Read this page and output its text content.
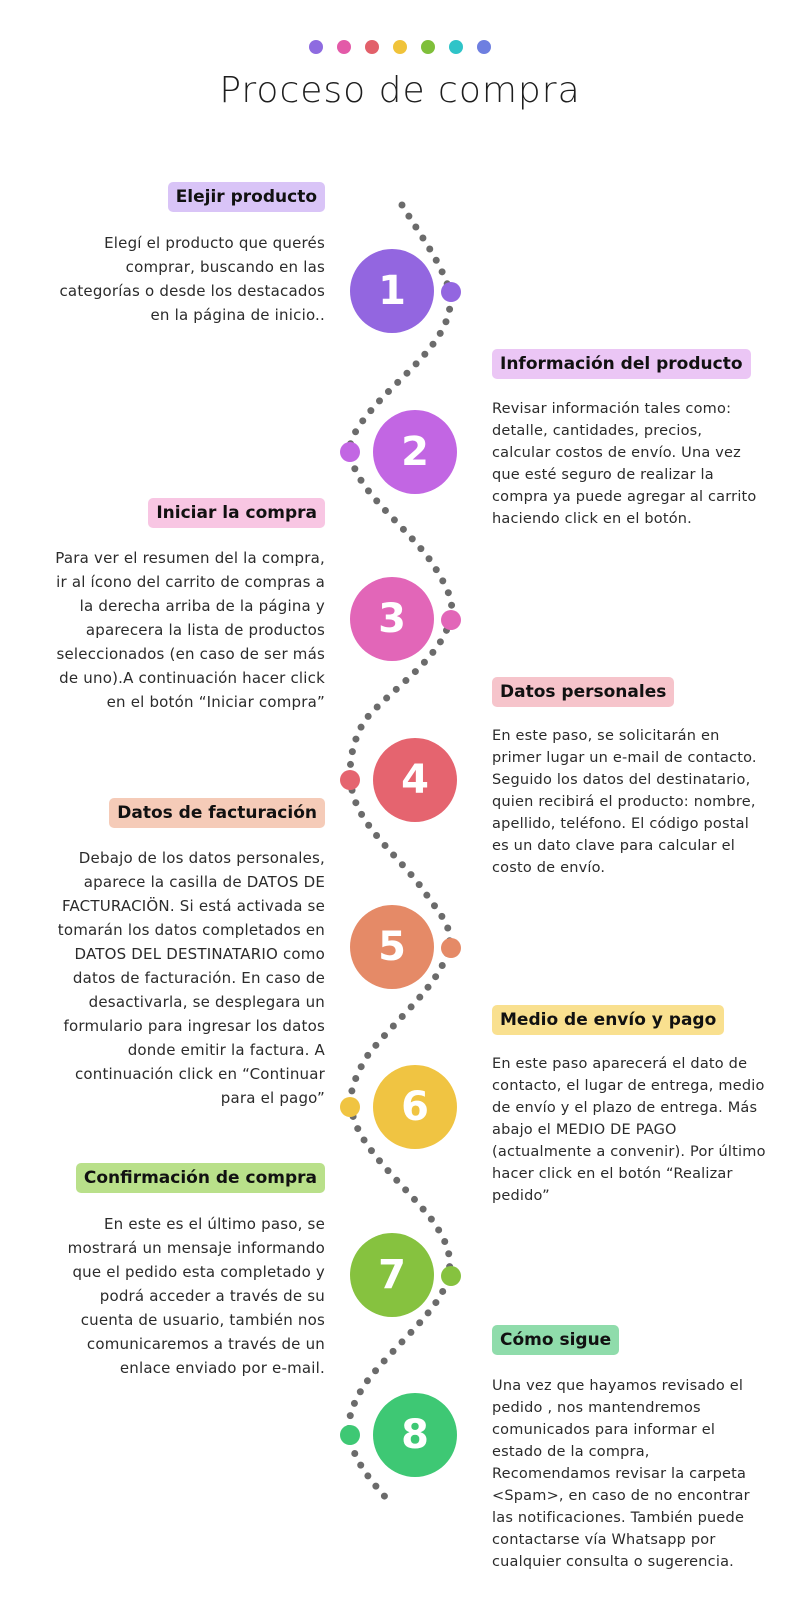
Proceso de compra
Elejir producto
Elegí el producto que querés comprar, buscando en las categorías o desde los destacados en la página de inicio..
1
Información del producto
Revisar información tales como: detalle, cantidades, precios, calcular costos de envío. Una vez que esté seguro de realizar la compra ya puede agregar al carrito haciendo click en el botón.
2
Iniciar la compra
Para ver el resumen del la compra, ir al ícono del carrito de compras a la derecha arriba de la página y aparecera la lista de productos seleccionados (en caso de ser más de uno).A continuación hacer click en el botón “Iniciar compra”
3
Datos personales
En este paso, se solicitarán en primer lugar un e-mail de contacto. Seguido los datos del destinatario, quien recibirá el producto: nombre, apellido, teléfono. El código postal es un dato clave para calcular el costo de envío.
4
Datos de facturación
Debajo de los datos personales, aparece la casilla de DATOS DE FACTURACIÖN. Si está activada se tomarán los datos completados en DATOS DEL DESTINATARIO como datos de facturación. En caso de desactivarla, se desplegara un formulario para ingresar los datos donde emitir la factura. A continuación click en “Continuar para el pago”
5
Medio de envío y pago
En este paso aparecerá el dato de contacto, el lugar de entrega, medio de envío y el plazo de entrega. Más abajo el MEDIO DE PAGO (actualmente a convenir). Por último hacer click en el botón “Realizar pedido”
6
Confirmación de compra
En este es el último paso, se mostrará un mensaje informando que el pedido esta completado y podrá acceder a través de su cuenta de usuario, también nos comunicaremos a través de un enlace enviado por e-mail.
7
Cómo sigue
Una vez que hayamos revisado el pedido , nos mantendremos comunicados para informar el estado de la compra, Recomendamos revisar la carpeta <Spam>, en caso de no encontrar las notificaciones. También puede contactarse vía Whatsapp por cualquier consulta o sugerencia.
8
